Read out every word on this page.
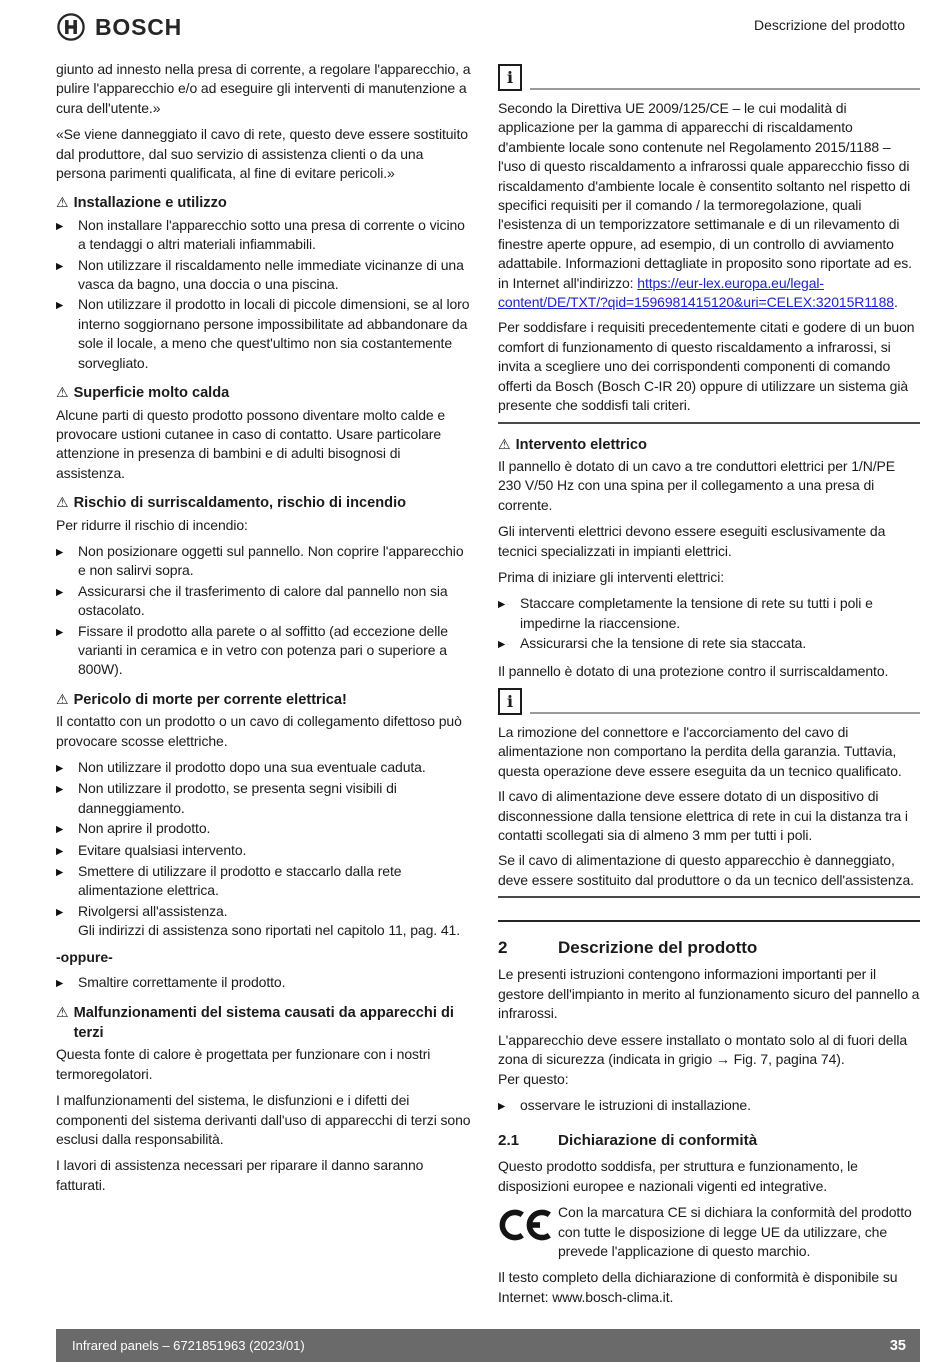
BOSCH	Descrizione del prodotto

giunto ad innesto nella presa di corrente, a regolare l'apparecchio, a pulire l'apparecchio e/o ad eseguire gli interventi di manutenzione a cura dell'utente.»

«Se viene danneggiato il cavo di rete, questo deve essere sostituito dal produttore, dal suo servizio di assistenza clienti o da una persona parimenti qualificata, al fine di evitare pericoli.»

⚠ Installazione e utilizzo
▶	Non installare l'apparecchio sotto una presa di corrente o vicino a tendaggi o altri materiali infiammabili.
▶	Non utilizzare il riscaldamento nelle immediate vicinanze di una vasca da bagno, una doccia o una piscina.
▶	Non utilizzare il prodotto in locali di piccole dimensioni, se al loro interno soggiornano persone impossibilitate ad abbandonare da sole il locale, a meno che quest'ultimo non sia costantemente sorvegliato.
⚠ Superficie molto calda

Alcune parti di questo prodotto possono diventare molto calde e provocare ustioni cutanee in caso di contatto. Usare particolare attenzione in presenza di bambini e di adulti bisognosi di assistenza.

⚠ Rischio di surriscaldamento, rischio di incendio

Per ridurre il rischio di incendio:

▶	Non posizionare oggetti sul pannello. Non coprire l'apparecchio e non salirvi sopra.
▶	Assicurarsi che il trasferimento di calore dal pannello non sia ostacolato.
▶	Fissare il prodotto alla parete o al soffitto (ad eccezione delle varianti in ceramica e in vetro con potenza pari o superiore a 800W).
⚠ Pericolo di morte per corrente elettrica!

Il contatto con un prodotto o un cavo di collegamento difettoso può provocare scosse elettriche.

▶	Non utilizzare il prodotto dopo una sua eventuale caduta.
▶	Non utilizzare il prodotto, se presenta segni visibili di danneggiamento.
▶	Non aprire il prodotto.
▶	Evitare qualsiasi intervento.
▶	Smettere di utilizzare il prodotto e staccarlo dalla rete alimentazione elettrica.
▶	Rivolgersi all'assistenza.
Gli indirizzi di assistenza sono riportati nel capitolo 11, pag. 41.

-oppure-

▶	Smaltire correttamente il prodotto.
⚠ Malfunzionamenti del sistema causati da apparecchi di terzi

Questa fonte di calore è progettata per funzionare con i nostri termoregolatori.

I malfunzionamenti del sistema, le disfunzioni e i difetti dei componenti del sistema derivanti dall'uso di apparecchi di terzi sono esclusi dalla responsabilità.

I lavori di assistenza necessari per riparare il danno saranno fatturati.

i

Secondo la Direttiva UE 2009/125/CE – le cui modalità di applicazione per la gamma di apparecchi di riscaldamento d'ambiente locale sono contenute nel Regolamento 2015/1188 – l'uso di questo riscaldamento a infrarossi quale apparecchio fisso di riscaldamento d'ambiente locale è consentito soltanto nel rispetto di specifici requisiti per il comando / la termoregolazione, quali l'esistenza di un temporizzatore settimanale e di un rilevamento di finestre aperte oppure, ad esempio, di un controllo di avviamento adattabile. Informazioni dettagliate in proposito sono riportate ad es. in Internet all'indirizzo: https://eur-lex.europa.eu/legal-content/DE/TXT/?qid=1596981415120&uri=CELEX:32015R1188.

Per soddisfare i requisiti precedentemente citati e godere di un buon comfort di funzionamento di questo riscaldamento a infrarossi, si invita a scegliere uno dei corrispondenti componenti di comando offerti da Bosch (Bosch C-IR 20) oppure di utilizzare un sistema già presente che soddisfi tali criteri.

⚠ Intervento elettrico

Il pannello è dotato di un cavo a tre conduttori elettrici per 1/N/PE 230 V/50 Hz con una spina per il collegamento a una presa di corrente.

Gli interventi elettrici devono essere eseguiti esclusivamente da tecnici specializzati in impianti elettrici.

Prima di iniziare gli interventi elettrici:

▶	Staccare completamente la tensione di rete su tutti i poli e impedirne la riaccensione.
▶	Assicurarsi che la tensione di rete sia staccata.

Il pannello è dotato di una protezione contro il surriscaldamento.

i

La rimozione del connettore e l'accorciamento del cavo di alimentazione non comportano la perdita della garanzia. Tuttavia, questa operazione deve essere eseguita da un tecnico qualificato.

Il cavo di alimentazione deve essere dotato di un dispositivo di disconnessione dalla tensione elettrica di rete in cui la distanza tra i contatti scollegati sia di almeno 3 mm per tutti i poli.

Se il cavo di alimentazione di questo apparecchio è danneggiato, deve essere sostituito dal produttore o da un tecnico dell'assistenza.

2	Descrizione del prodotto

Le presenti istruzioni contengono informazioni importanti per il gestore dell'impianto in merito al funzionamento sicuro del pannello a infrarossi.

L'apparecchio deve essere installato o montato solo al di fuori della zona di sicurezza (indicata in grigio → Fig. 7, pagina 74).

Per questo:

▶	osservare le istruzioni di installazione.
2.1	Dichiarazione di conformità

Questo prodotto soddisfa, per struttura e funzionamento, le disposizioni europee e nazionali vigenti ed integrative.

Con la marcatura CE si dichiara la conformità del prodotto con tutte le disposizione di legge UE da utilizzare, che prevede l'applicazione di questo marchio.

Il testo completo della dichiarazione di conformità è disponibile su Internet: www.bosch-clima.it.

Infrared panels – 6721851963 (2023/01)	35
